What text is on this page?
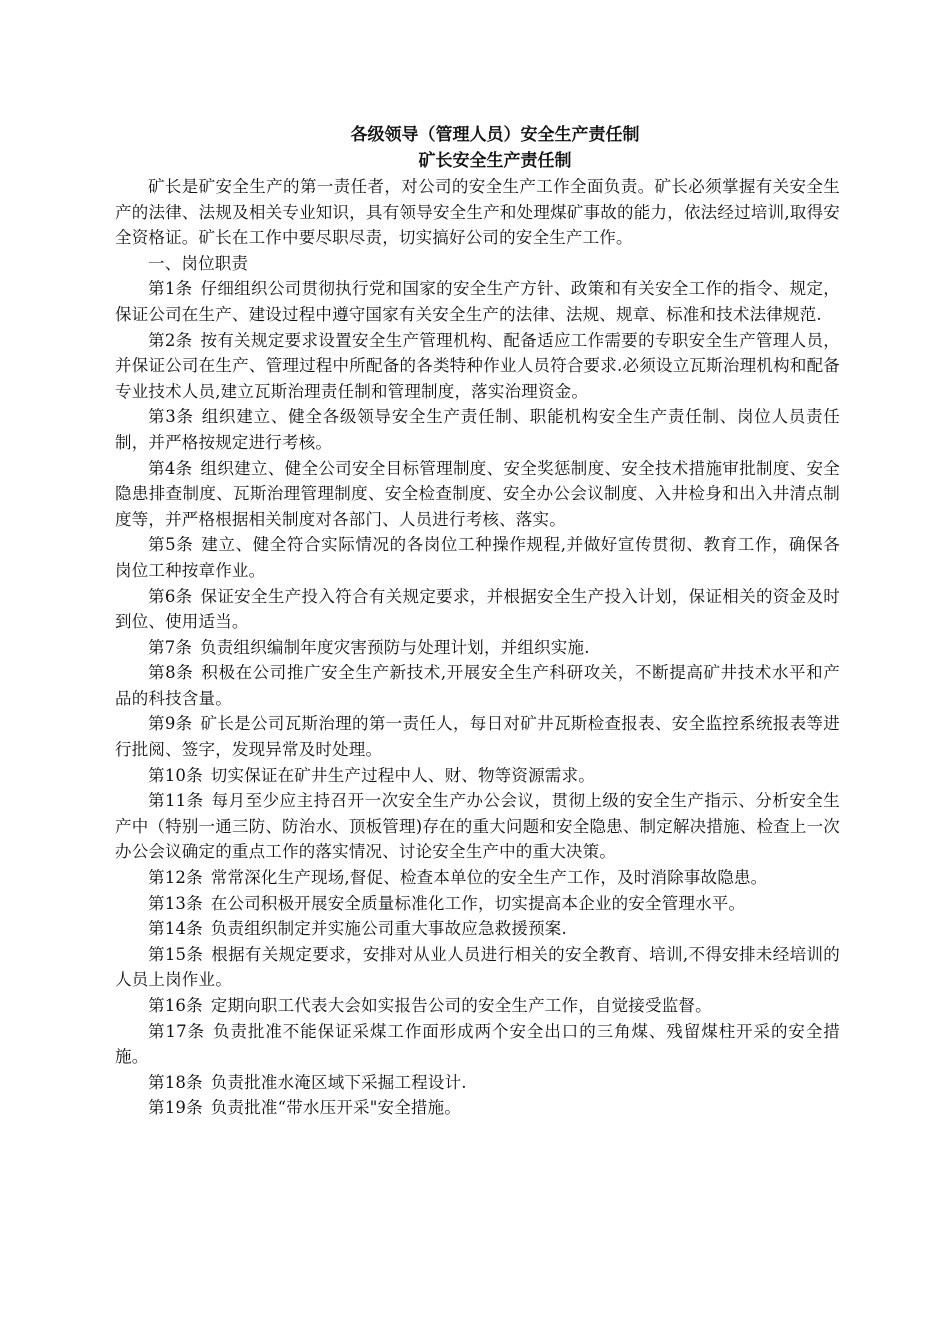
各级领导（管理人员）安全生产责任制

矿长安全生产责任制

矿长是矿安全生产的第一责任者，对公司的安全生产工作全面负责。矿长必须掌握有关安全生产的法律、法规及相关专业知识，具有领导安全生产和处理煤矿事故的能力，依法经过培训,取得安全资格证。矿长在工作中要尽职尽责，切实搞好公司的安全生产工作。

一、岗位职责

第1条 仔细组织公司贯彻执行党和国家的安全生产方针、政策和有关安全工作的指令、规定，保证公司在生产、建设过程中遵守国家有关安全生产的法律、法规、规章、标准和技术法律规范.

第2条 按有关规定要求设置安全生产管理机构、配备适应工作需要的专职安全生产管理人员，并保证公司在生产、管理过程中所配备的各类特种作业人员符合要求.必须设立瓦斯治理机构和配备专业技术人员,建立瓦斯治理责任制和管理制度，落实治理资金。

第3条 组织建立、健全各级领导安全生产责任制、职能机构安全生产责任制、岗位人员责任制，并严格按规定进行考核。

第4条 组织建立、健全公司安全目标管理制度、安全奖惩制度、安全技术措施审批制度、安全隐患排查制度、瓦斯治理管理制度、安全检查制度、安全办公会议制度、入井检身和出入井清点制度等，并严格根据相关制度对各部门、人员进行考核、落实。

第5条 建立、健全符合实际情况的各岗位工种操作规程,并做好宣传贯彻、教育工作，确保各岗位工种按章作业。

第6条 保证安全生产投入符合有关规定要求，并根据安全生产投入计划，保证相关的资金及时到位、使用适当。

第7条 负责组织编制年度灾害预防与处理计划，并组织实施.

第8条 积极在公司推广安全生产新技术,开展安全生产科研攻关，不断提高矿井技术水平和产品的科技含量。

第9条 矿长是公司瓦斯治理的第一责任人，每日对矿井瓦斯检查报表、安全监控系统报表等进行批阅、签字，发现异常及时处理。

第10条 切实保证在矿井生产过程中人、财、物等资源需求。

第11条 每月至少应主持召开一次安全生产办公会议，贯彻上级的安全生产指示、分析安全生产中（特别一通三防、防治水、顶板管理)存在的重大问题和安全隐患、制定解决措施、检查上一次办公会议确定的重点工作的落实情况、讨论安全生产中的重大决策。

第12条 常常深化生产现场,督促、检查本单位的安全生产工作，及时消除事故隐患。

第13条 在公司积极开展安全质量标准化工作，切实提高本企业的安全管理水平。

第14条 负责组织制定并实施公司重大事故应急救援预案.

第15条 根据有关规定要求，安排对从业人员进行相关的安全教育、培训,不得安排未经培训的人员上岗作业。

第16条 定期向职工代表大会如实报告公司的安全生产工作，自觉接受监督。

第17条 负责批准不能保证采煤工作面形成两个安全出口的三角煤、残留煤柱开采的安全措施。

第18条 负责批准水淹区域下采掘工程设计.

第19条 负责批准“带水压开采"安全措施。
